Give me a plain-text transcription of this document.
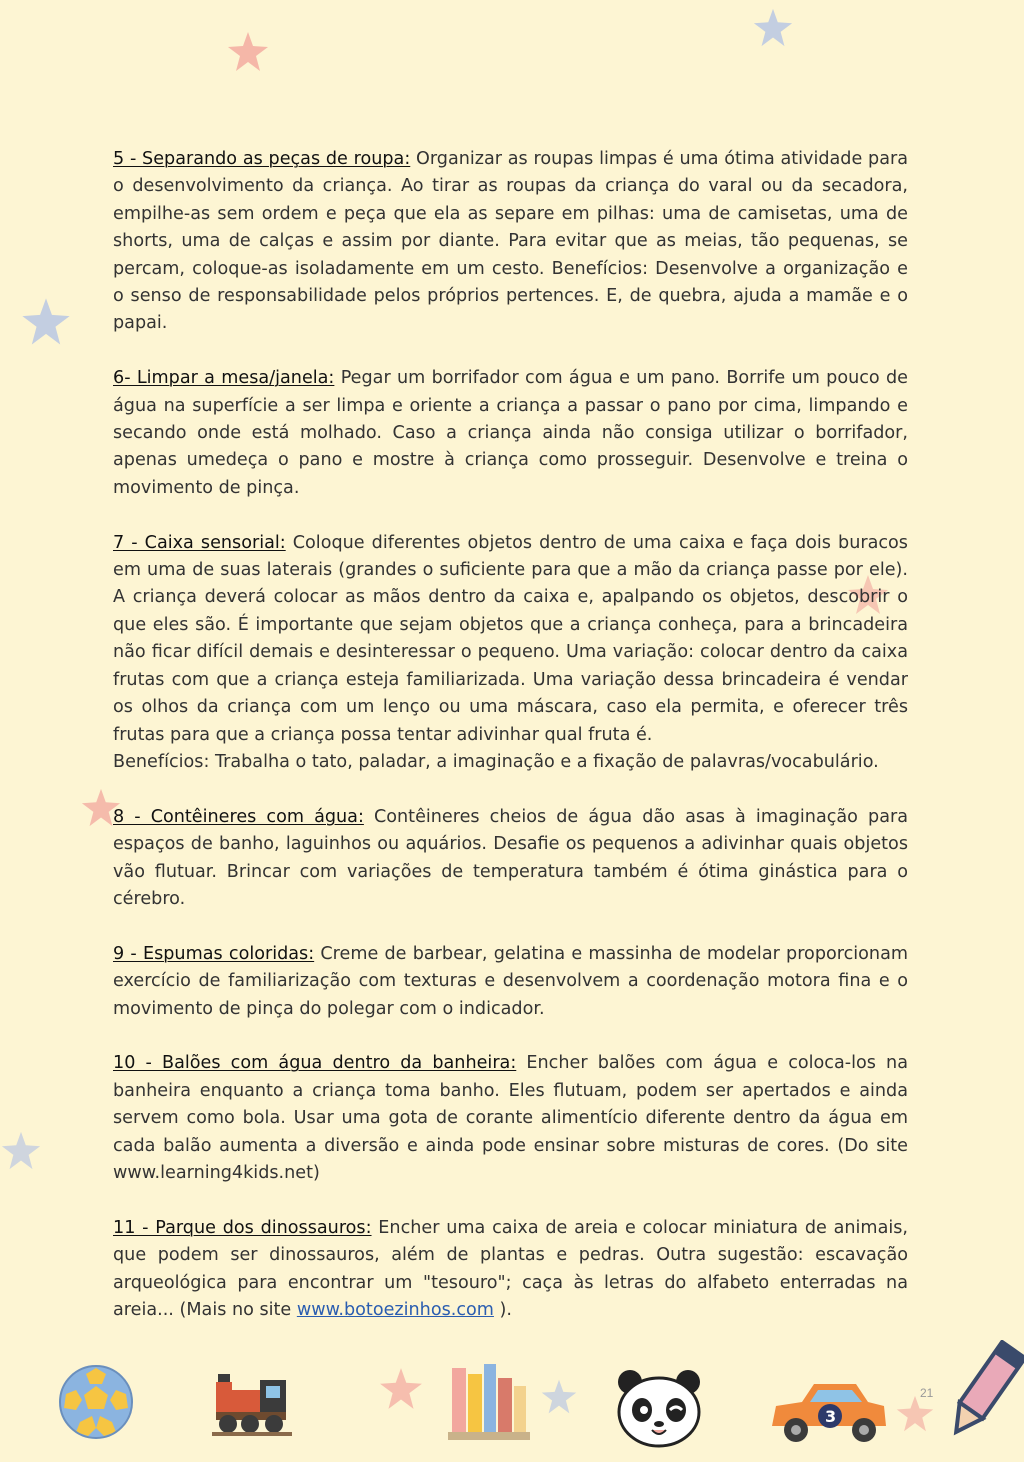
5 - Separando as peças de roupa: Organizar as roupas limpas é uma ótima atividade para o desenvolvimento da criança. Ao tirar as roupas da criança do varal ou da secadora, empilhe-as sem ordem e peça que ela as separe em pilhas: uma de camisetas, uma de shorts, uma de calças e assim por diante. Para evitar que as meias, tão pequenas, se percam, coloque-as isoladamente em um cesto. Benefícios: Desenvolve a organização e o senso de responsabilidade pelos próprios pertences. E, de quebra, ajuda a mamãe e o papai.

6- Limpar a mesa/janela: Pegar um borrifador com água e um pano. Borrife um pouco de água na superfície a ser limpa e oriente a criança a passar o pano por cima, limpando e secando onde está molhado. Caso a criança ainda não consiga utilizar o borrifador, apenas umedeça o pano e mostre à criança como prosseguir. Desenvolve e treina o movimento de pinça.

7 - Caixa sensorial: Coloque diferentes objetos dentro de uma caixa e faça dois buracos em uma de suas laterais (grandes o suficiente para que a mão da criança passe por ele). A criança deverá colocar as mãos dentro da caixa e, apalpando os objetos, descobrir o que eles são. É importante que sejam objetos que a criança conheça, para a brincadeira não ficar difícil demais e desinteressar o pequeno. Uma variação: colocar dentro da caixa frutas com que a criança esteja familiarizada. Uma variação dessa brincadeira é vendar os olhos da criança com um lenço ou uma máscara, caso ela permita, e oferecer três frutas para que a criança possa tentar adivinhar qual fruta é.
Benefícios: Trabalha o tato, paladar, a imaginação e a fixação de palavras/vocabulário.

8 - Contêineres com água: Contêineres cheios de água dão asas à imaginação para espaços de banho, laguinhos ou aquários. Desafie os pequenos a adivinhar quais objetos vão flutuar. Brincar com variações de temperatura também é ótima ginástica para o cérebro.

9 - Espumas coloridas: Creme de barbear, gelatina e massinha de modelar proporcionam exercício de familiarização com texturas e desenvolvem a coordenação motora fina e o movimento de pinça do polegar com o indicador.

10 - Balões com água dentro da banheira: Encher balões com água e coloca-los na banheira enquanto a criança toma banho. Eles flutuam, podem ser apertados e ainda servem como bola. Usar uma gota de corante alimentício diferente dentro da água em cada balão aumenta a diversão e ainda pode ensinar sobre misturas de cores. (Do site www.learning4kids.net)

11 - Parque dos dinossauros: Encher uma caixa de areia e colocar miniatura de animais, que podem ser dinossauros, além de plantas e pedras. Outra sugestão: escavação arqueológica para encontrar um "tesouro"; caça às letras do alfabeto enterradas na areia... (Mais no site www.botoezinhos.com ).

21
3
